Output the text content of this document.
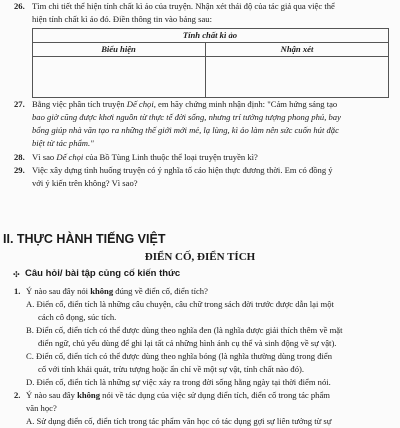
26. Tìm chi tiết thể hiện tính chất kì ảo của truyện. Nhận xét thái độ của tác giả qua việc thể
hiện tính chất kì ảo đó. Điền thông tin vào bảng sau:
Tính chất kì ảo
Biểu hiện	Nhận xét
27. Bằng việc phân tích truyện Dế chọi, em hãy chứng minh nhận định: "Cảm hứng sáng tạo
bao giờ cũng được khơi nguồn từ thực tế đời sống, nhưng trí tưởng tượng phong phú, bay
bổng giúp nhà văn tạo ra những thế giới mới mẻ, lạ lùng, kì ảo làm nên sức cuốn hút đặc
biệt từ tác phẩm."
28. Vì sao Dế chọi của Bồ Tùng Linh thuộc thể loại truyện truyền kì?
29. Việc xây dựng tình huống truyện có ý nghĩa tố cáo hiện thực đương thời. Em có đồng ý
với ý kiến trên không? Vì sao?
II. THỰC HÀNH TIẾNG VIỆT
ĐIỂN CỐ, ĐIỂN TÍCH
✣ Câu hỏi/ bài tập củng cố kiến thức
1. Ý nào sau đây nói không đúng về điển cố, điển tích?
A. Điển cố, điển tích là những câu chuyện, câu chữ trong sách đời trước được dẫn lại một
cách cô đọng, súc tích.
B. Điển cố, điển tích có thể được dùng theo nghĩa đen (là nghĩa được giải thích thêm về mặt
điển ngữ, chủ yếu dùng để ghi lại tất cả những hình ảnh cụ thể và sinh động về sự vật).
C. Điển cố, điển tích có thể được dùng theo nghĩa bóng (là nghĩa thường dùng trong điển
cố với tính khái quát, trừu tượng hoặc ẩn chỉ về một sự vật, tính chất nào đó).
D. Điển cố, điển tích là những sự việc xảy ra trong đời sống hằng ngày tại thời điểm nói.
2. Ý nào sau đây không nói về tác dụng của việc sử dụng điển tích, điển cố trong tác phẩm
văn học?
A. Sử dụng điển cố, điển tích trong tác phẩm văn học có tác dụng gợi sự liên tưởng từ sự
